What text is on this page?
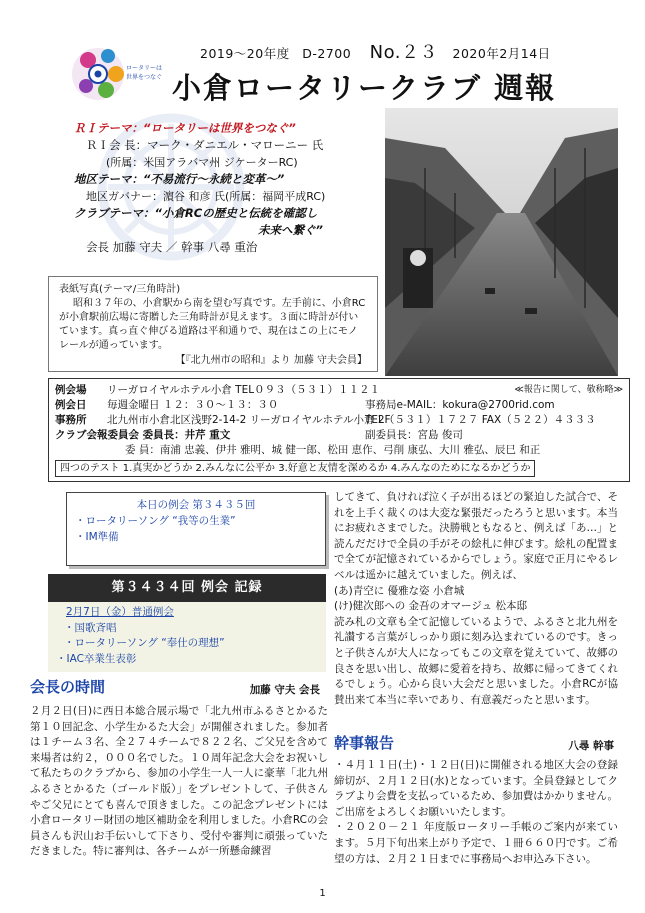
ロータリーは
世界をつなぐ
2019～20年度 D-2700 No.２３ 2020年2月14日
小倉ロータリークラブ 週報
ＲＩテーマ：“ロータリーは世界をつなぐ”
ＲＩ会 長：マーク・ダニエル・マローニー 氏
(所属：米国アラバマ州 ジケーターRC)
地区テーマ：“不易流行～永続と変革～”
地区ガバナー：濵谷 和彦 氏(所属：福岡平成RC)
クラブテーマ：“小倉RCの歴史と伝統を確認し
未来へ繋ぐ”
会長 加藤 守夫 ／ 幹事 八尋 重治
表紙写真(テーマ/三角時計)

昭和３７年の、小倉駅から南を望む写真です。左手前に、小倉RCが小倉駅前広場に寄贈した三角時計が見えます。３面に時計が付いています。真っ直ぐ伸びる道路は平和通りで、現在はこの上にモノレールが通っています。

【『北九州市の昭和』より 加藤 守夫会員】
≪報告に関して、敬称略≫
例会場	リーガロイヤルホテル小倉 TEL０９３（５３１）１１２１
例会日	毎週金曜日 １２：３０～１３：３０	事務局e-MAIL：kokura@2700rid.com
事務所	北九州市小倉北区浅野2-14-2 リーガロイヤルホテル小倉 2F
TEL（５３１）１７２７ FAX（５２２）４３３３
クラブ会報委員会 委員長：井芹 重文	副委員長：宮島 俊司
委 員：南浦 忠義、伊井 雅明、城 健一郎、松田 恵作、弓削 康弘、大川 雅弘、辰巳 和正
四つのテスト 1.真実かどうか 2.みんなに公平か 3.好意と友情を深めるか 4.みんなのためになるかどうか
本日の例会 第３４３５回
・ロータリーソング “我等の生業”
・IM準備
第３４３４回 例会 記録
2月7日（金）普通例会
・国歌斉唱
・ロータリーソング “奉仕の理想”
・IAC卒業生表彰
会長の時間	加藤 守夫 会長
２月２日(日)に西日本総合展示場で「北九州市ふるさとかるた第１０回記念、小学生かるた大会」が開催されました。参加者は１チーム３名、全２７４チームで８２２名、ご父兄を含めて来場者は約２，０００名でした。１０周年記念大会をお祝いして私たちのクラブから、参加の小学生一人一人に豪華「北九州ふるさとかるた（ゴールド版）」をプレゼントして、子供さんやご父兄にとても喜んで頂きました。この記念プレゼントには小倉ロータリー財団の地区補助金を利用しました。小倉RCの会員さんも沢山お手伝いして下さり、受付や審判に頑張っていただきました。特に審判は、各チームが一所懸命練習
してきて、負ければ泣く子が出るほどの緊迫した試合で、それを上手く裁くのは大変な緊張だったろうと思います。本当にお疲れさまでした。決勝戦ともなると、例えば「あ…」と読んだだけで全員の手がその絵札に伸びます。絵札の配置まで全てが記憶されているからでしょう。家庭で正月にやるレベルは遥かに越えていました。例えば、
(あ)青空に 優雅な姿 小倉城
(け)健次郎への 金吾のオマージュ 松本邸
読み札の文章も全て記憶しているようで、ふるさと北九州を礼讃する言葉がしっかり頭に刻み込まれているのです。きっと子供さんが大人になってもこの文章を覚えていて、故郷の良さを思い出し、故郷に愛着を持ち、故郷に帰ってきてくれるでしょう。心から良い大会だと思いました。小倉RCが協賛出来て本当に幸いであり、有意義だったと思います。
幹事報告	八尋 幹事
・４月１１日(土)・１２日(日)に開催される地区大会の登録締切が、２月１２日(水)となっています。全員登録としてクラブより会費を支払っているため、参加費はかかりません。ご出席をよろしくお願いいたします。
・２０２０－２１ 年度版ロータリー手帳のご案内が来ています。５月下旬出来上がり予定で、１冊６６０円です。ご希望の方は、２月２１日までに事務局へお申込み下さい。
1
